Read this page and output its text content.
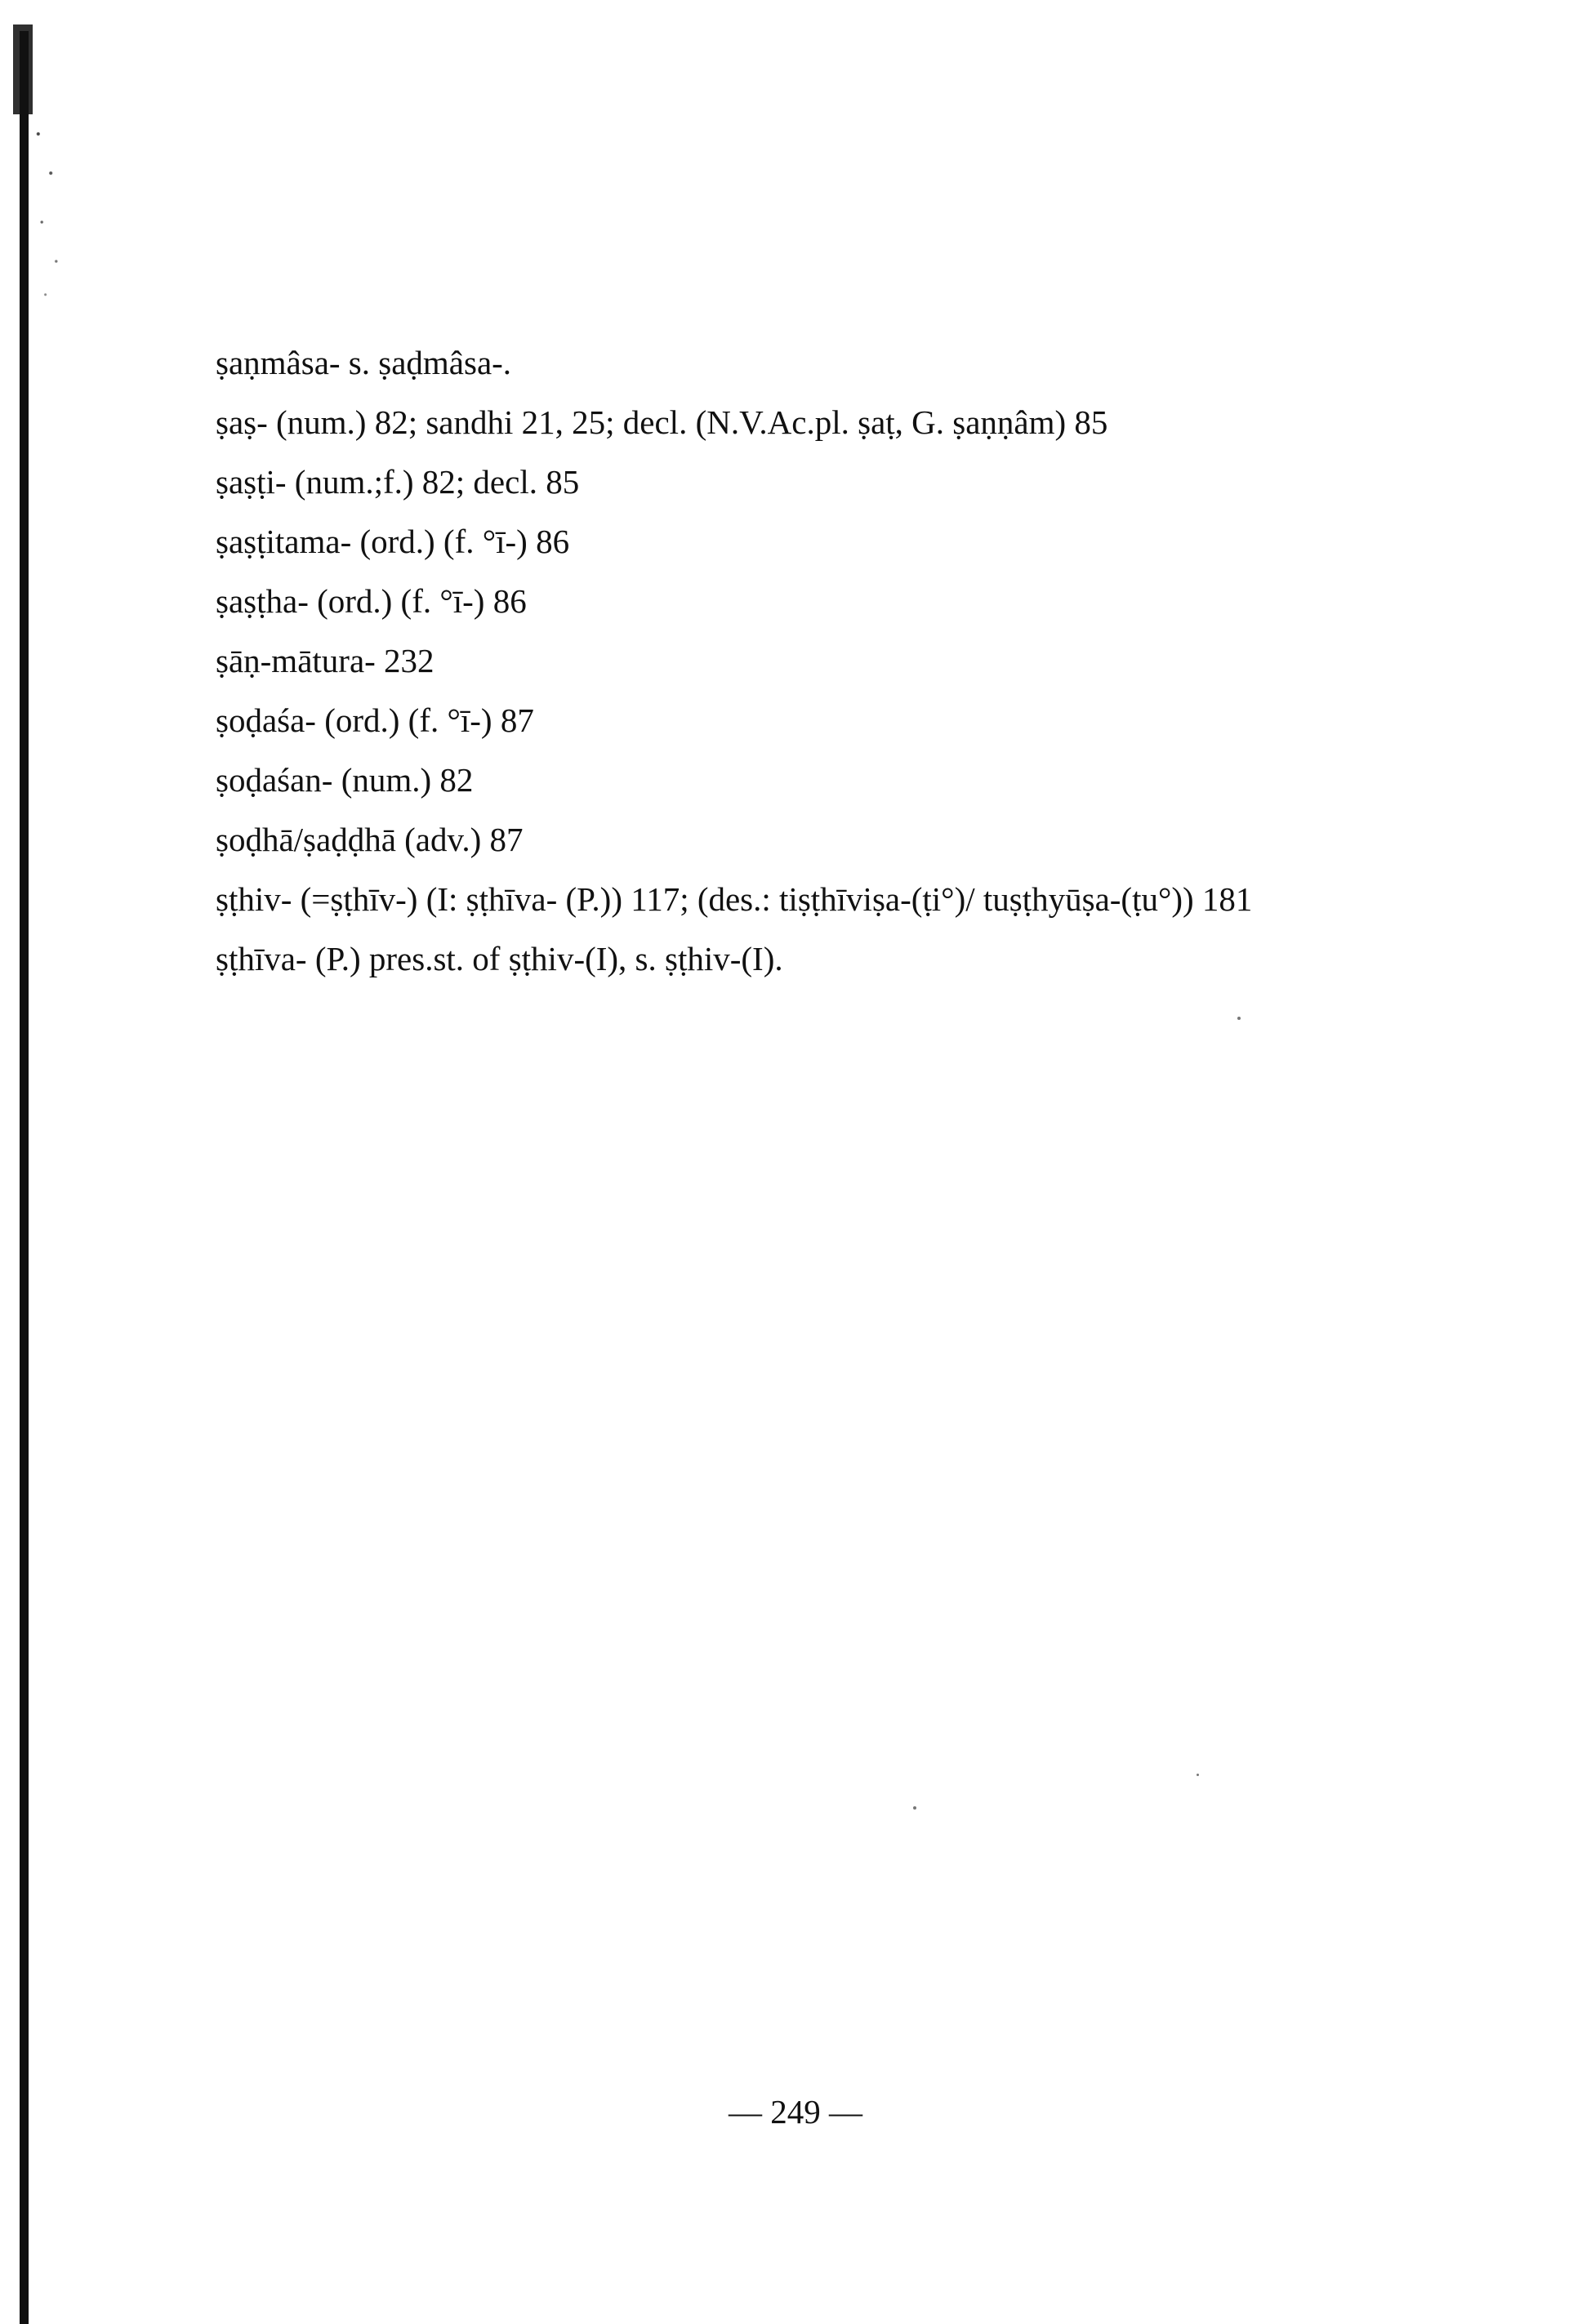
ṣaṇmâsa- s. ṣaḍmâsa-.
ṣaṣ- (num.) 82; sandhi 21, 25; decl. (N.V.Ac.pl. ṣaṭ, G. ṣaṇṇâm) 85
ṣaṣṭi- (num.;f.) 82; decl. 85
ṣaṣṭitama- (ord.) (f. °ī-) 86
ṣaṣṭha- (ord.) (f. °ī-) 86
ṣāṇ-mātura- 232
ṣoḍaśa- (ord.) (f. °ī-) 87
ṣoḍaśan- (num.) 82
ṣoḍhā/ṣaḍḍhā (adv.) 87
ṣṭhiv- (=ṣṭhīv-) (I: ṣṭhīva- (P.)) 117; (des.: tiṣṭhīviṣa-(ṭi°)/ tuṣṭhyūṣa-(ṭu°)) 181
ṣṭhīva- (P.) pres.st. of ṣṭhiv-(I), s. ṣṭhiv-(I).
— 249 —
